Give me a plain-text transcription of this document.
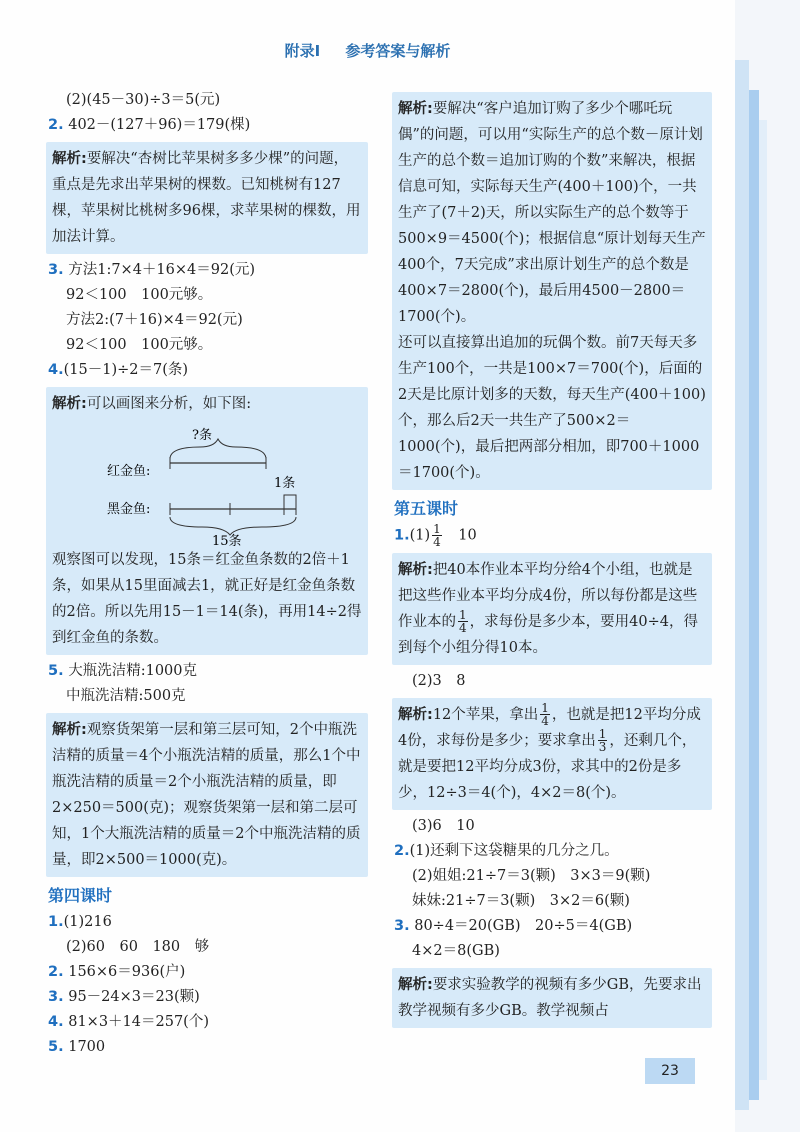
附录Ⅰ 参考答案与解析
(2)(45－30)÷3＝5(元)
2. 402－(127＋96)＝179(棵)
解析:要解决“杏树比苹果树多多少棵”的问题，重点是先求出苹果树的棵数。已知桃树有127棵，苹果树比桃树多96棵，求苹果树的棵数，用加法计算。
3. 方法1:7×4＋16×4＝92(元)
92＜100　100元够。
方法2:(7＋16)×4＝92(元)
92＜100　100元够。
4.(15－1)÷2＝7(条)
解析:可以画图来分析，如下图:
?条
红金鱼:
1条
黑金鱼:
15条
观察图可以发现，15条＝红金鱼条数的2倍＋1条，如果从15里面减去1，就正好是红金鱼条数的2倍。所以先用15－1＝14(条)，再用14÷2得到红金鱼的条数。
5. 大瓶洗洁精:1000克
中瓶洗洁精:500克
解析:观察货架第一层和第三层可知，2个中瓶洗洁精的质量＝4个小瓶洗洁精的质量，那么1个中瓶洗洁精的质量＝2个小瓶洗洁精的质量，即2×250＝500(克)；观察货架第一层和第二层可知，1个大瓶洗洁精的质量＝2个中瓶洗洁精的质量，即2×500＝1000(克)。
第四课时
1.(1)216
(2)60　60　180　够
2. 156×6＝936(户)
3. 95－24×3＝23(颗)
4. 81×3＋14＝257(个)
5. 1700
解析:要解决“客户追加订购了多少个哪吒玩偶”的问题，可以用“实际生产的总个数－原计划生产的总个数＝追加订购的个数”来解决，根据信息可知，实际每天生产(400＋100)个，一共生产了(7＋2)天，所以实际生产的总个数等于500×9＝4500(个)；根据信息“原计划每天生产400个，7天完成”求出原计划生产的总个数是400×7＝2800(个)，最后用4500－2800＝1700(个)。
还可以直接算出追加的玩偶个数。前7天每天多生产100个，一共是100×7＝700(个)，后面的2天是比原计划多的天数，每天生产(400＋100)个，那么后2天一共生产了500×2＝1000(个)，最后把两部分相加，即700＋1000＝1700(个)。
第五课时
$1.(1) \frac{1}{4}$
　 10
解析:把40本作业本平均分给4个小组，也就是把这些作业本平均分成4份，所以每份都是这些作业本的 $\frac{1}{4}$ ，求每份是多少本，要用40÷4，得到每个小组分得10本。
(2)3　8
解析:12个苹果，拿出 $\frac{1}{4}$ ，也就是把12平均分成4份，求每份是多少；要求拿出 $\frac{1}{3}$ ，还剩几个，就是要把12平均分成3份，求其中的2份是多少，12÷3＝4(个)，4×2＝8(个)。
(3)6　10
2.(1)还剩下这袋糖果的几分之几。
(2)姐姐:21÷7＝3(颗)　3×3＝9(颗)
妹妹:21÷7＝3(颗)　3×2＝6(颗)
3. 80÷4＝20(GB)　20÷5＝4(GB)
4×2＝8(GB)
解析:要求实验教学的视频有多少GB，先要求出教学视频有多少GB。教学视频占
23
